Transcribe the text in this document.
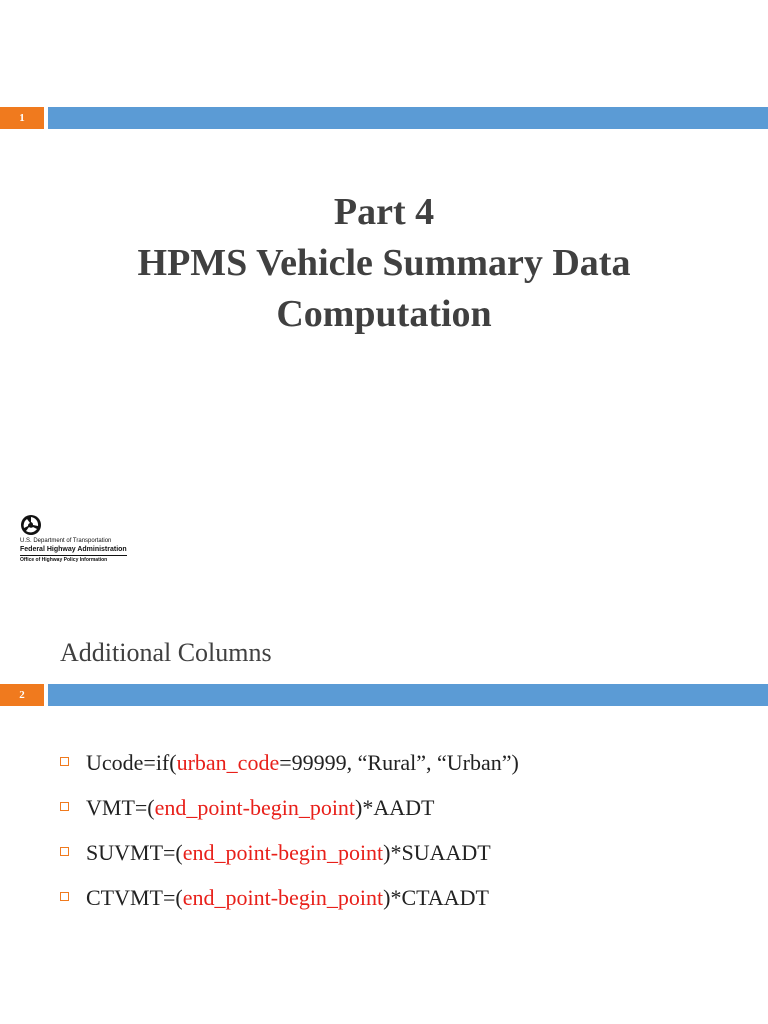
1
Part 4
HPMS Vehicle Summary Data
Computation
U.S. Department of Transportation
Federal Highway Administration
Office of Highway Policy Information
Additional Columns
2
Ucode=if(urban_code=99999, “Rural”, “Urban”)
VMT=(end_point-begin_point)*AADT
SUVMT=(end_point-begin_point)*SUAADT
CTVMT=(end_point-begin_point)*CTAADT
